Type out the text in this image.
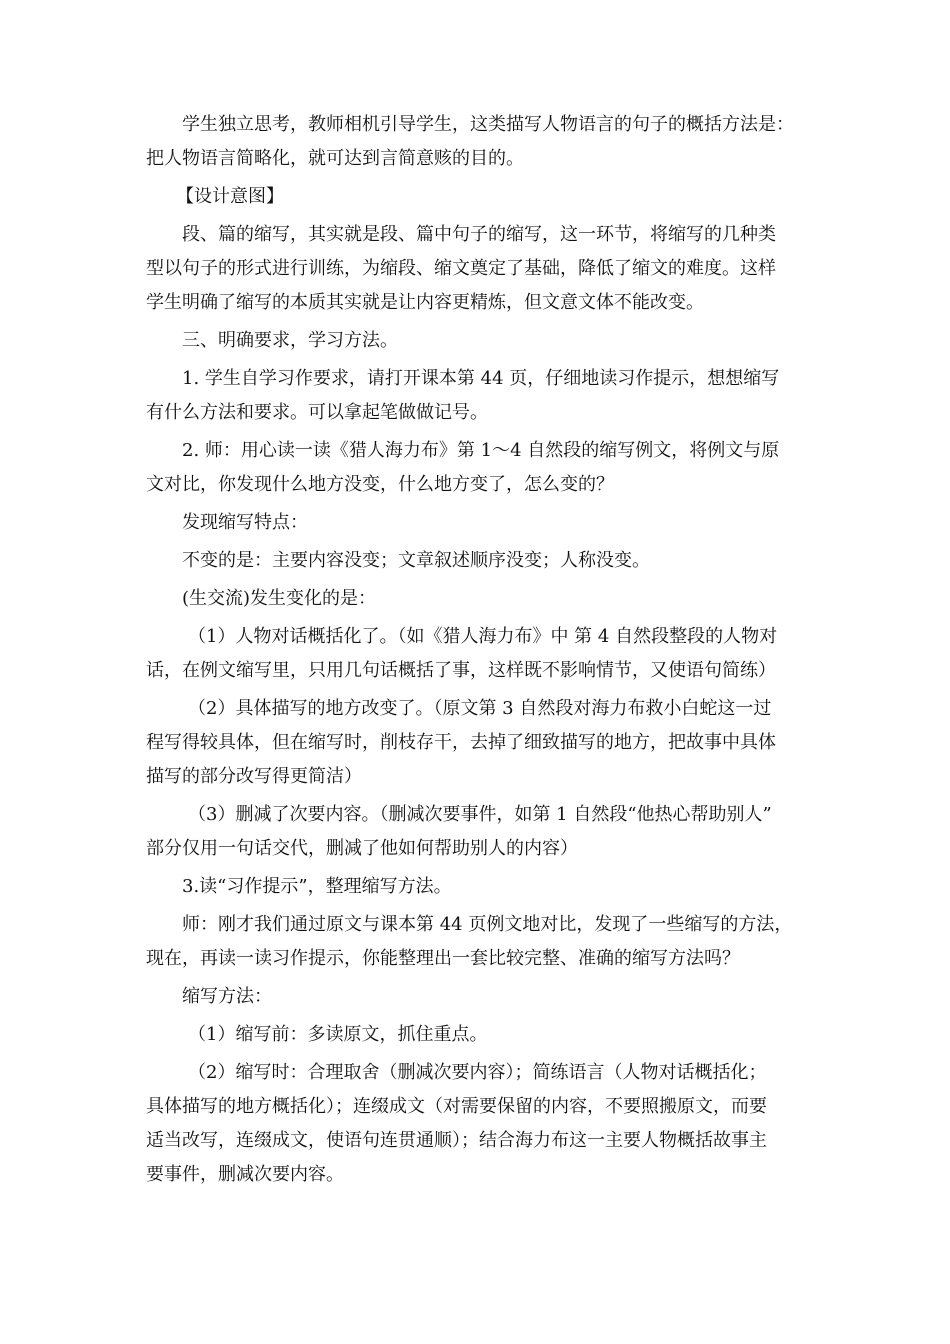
学生独立思考，教师相机引导学生，这类描写人物语言的句子的概括方法是：
把人物语言简略化，就可达到言简意赅的目的。
【设计意图】
段、篇的缩写，其实就是段、篇中句子的缩写，这一环节，将缩写的几种类
型以句子的形式进行训练，为缩段、缩文奠定了基础，降低了缩文的难度。这样
学生明确了缩写的本质其实就是让内容更精炼，但文意文体不能改变。
三、明确要求，学习方法。
1. 学生自学习作要求，请打开课本第 44 页，仔细地读习作提示，想想缩写
有什么方法和要求。可以拿起笔做做记号。
2. 师：用心读一读《猎人海力布》第 1～4 自然段的缩写例文，将例文与原
文对比，你发现什么地方没变，什么地方变了，怎么变的？
发现缩写特点：
不变的是：主要内容没变；文章叙述顺序没变；人称没变。
(生交流)发生变化的是：
（1）人物对话概括化了。（如《猎人海力布》中 第 4 自然段整段的人物对
话，在例文缩写里，只用几句话概括了事，这样既不影响情节，又使语句简练）
（2）具体描写的地方改变了。（原文第 3 自然段对海力布救小白蛇这一过
程写得较具体，但在缩写时，削枝存干，去掉了细致描写的地方，把故事中具体
描写的部分改写得更简洁）
（3）删减了次要内容。（删减次要事件，如第 1 自然段“他热心帮助别人”
部分仅用一句话交代，删减了他如何帮助别人的内容）
3.读“习作提示”，整理缩写方法。
师：刚才我们通过原文与课本第 44 页例文地对比，发现了一些缩写的方法，
现在，再读一读习作提示，你能整理出一套比较完整、准确的缩写方法吗？
缩写方法：
（1）缩写前：多读原文，抓住重点。
（2）缩写时：合理取舍（删减次要内容）；简练语言（人物对话概括化；
具体描写的地方概括化）；连缀成文（对需要保留的内容，不要照搬原文，而要
适当改写，连缀成文，使语句连贯通顺）；结合海力布这一主要人物概括故事主
要事件，删减次要内容。
